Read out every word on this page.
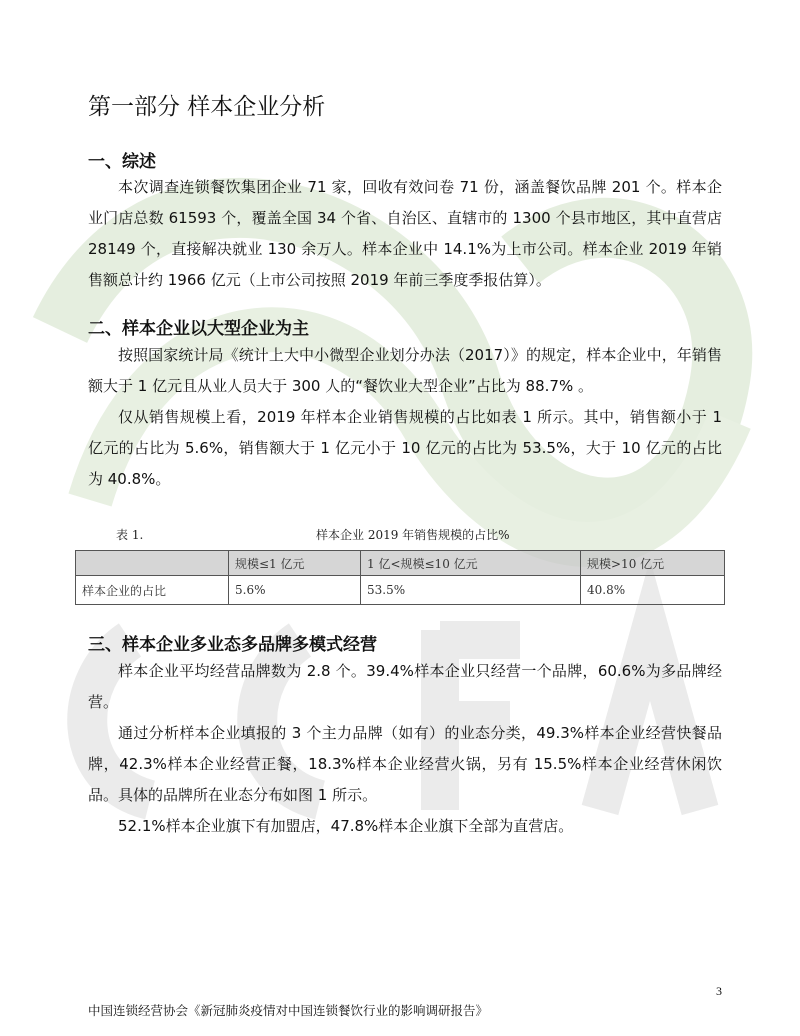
第一部分 样本企业分析
一、综述

本次调查连锁餐饮集团企业 71 家，回收有效问卷 71 份，涵盖餐饮品牌 201 个。样本企业门店总数 61593 个，覆盖全国 34 个省、自治区、直辖市的 1300 个县市地区，其中直营店 28149 个，直接解决就业 130 余万人。样本企业中 14.1%为上市公司。样本企业 2019 年销售额总计约 1966 亿元（上市公司按照 2019 年前三季度季报估算）。

二、样本企业以大型企业为主

按照国家统计局《统计上大中小微型企业划分办法（2017）》的规定，样本企业中，年销售额大于 1 亿元且从业人员大于 300 人的“餐饮业大型企业”占比为 88.7% 。

仅从销售规模上看，2019 年样本企业销售规模的占比如表 1 所示。其中，销售额小于 1 亿元的占比为 5.6%，销售额大于 1 亿元小于 10 亿元的占比为 53.5%，大于 10 亿元的占比为 40.8%。

表 1.	样本企业 2019 年销售规模的占比%
三、样本企业多业态多品牌多模式经营

样本企业平均经营品牌数为 2.8 个。39.4%样本企业只经营一个品牌，60.6%为多品牌经营。

通过分析样本企业填报的 3 个主力品牌（如有）的业态分类，49.3%样本企业经营快餐品牌，42.3%样本企业经营正餐，18.3%样本企业经营火锅，另有 15.5%样本企业经营休闲饮品。具体的品牌所在业态分布如图 1 所示。

52.1%样本企业旗下有加盟店，47.8%样本企业旗下全部为直营店。

	规模≤1 亿元	1 亿<规模≤10 亿元	规模>10 亿元
样本企业的占比	5.6%	53.5%	40.8%
3
中国连锁经营协会《新冠肺炎疫情对中国连锁餐饮行业的影响调研报告》
